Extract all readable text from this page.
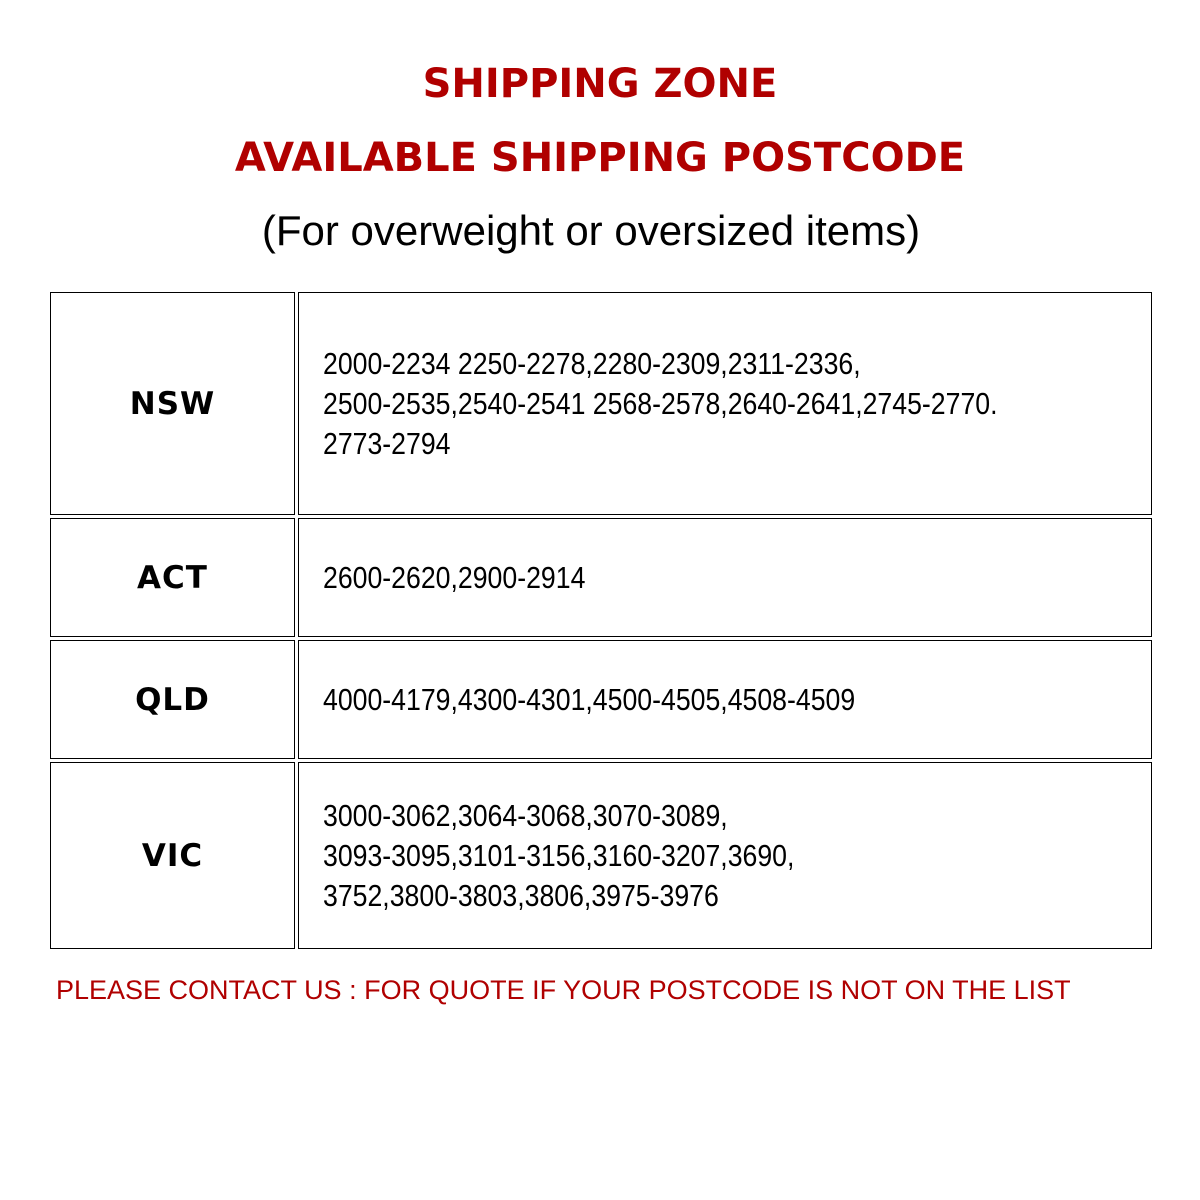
SHIPPING ZONE
AVAILABLE SHIPPING POSTCODE
(For overweight or oversized items)
NSW
2000-2234 2250-2278,2280-2309,2311-2336,
2500-2535,2540-2541 2568-2578,2640-2641,2745-2770.
2773-2794
ACT	2600-2620,2900-2914
QLD	4000-4179,4300-4301,4500-4505,4508-4509
VIC
3000-3062,3064-3068,3070-3089,
3093-3095,3101-3156,3160-3207,3690,
3752,3800-3803,3806,3975-3976
PLEASE CONTACT US : FOR QUOTE IF YOUR POSTCODE IS NOT ON THE LIST
